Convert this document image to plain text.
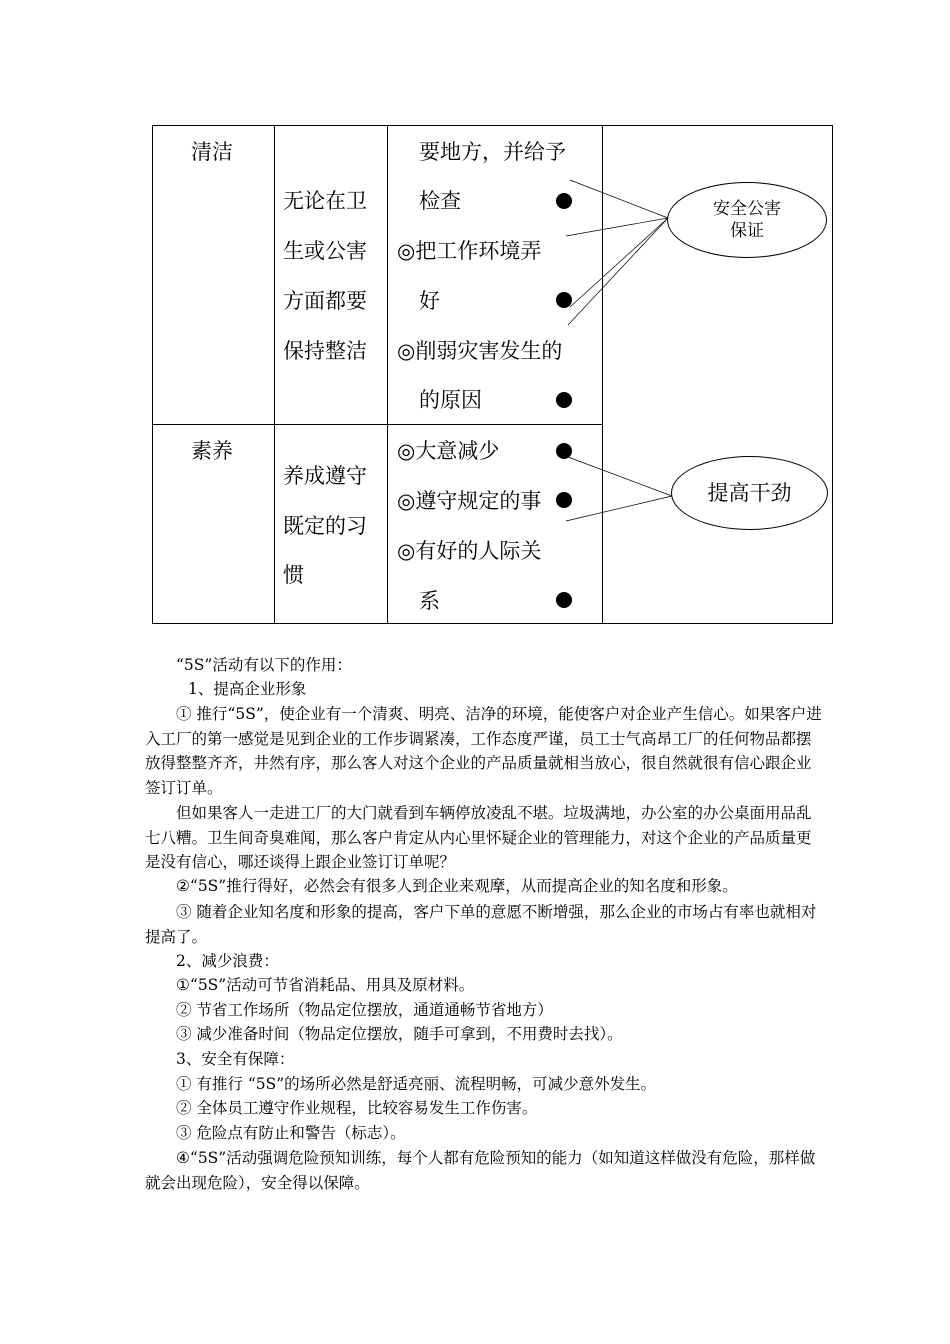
清洁
无论在卫
生或公害
方面都要
保持整洁
要地方，并给予
检查
◎把工作环境弄
好
◎削弱灾害发生的
的原因
素养
养成遵守
既定的习
惯
◎大意减少
◎遵守规定的事
◎有好的人际关
系
安全公害
保证
提高干劲

“5S”活动有以下的作用：

1、提高企业形象

① 推行“5S”，使企业有一个清爽、明亮、洁净的环境，能使客户对企业产生信心。如果客户进入工厂的第一感觉是见到企业的工作步调紧凑，工作态度严谨，员工士气高昂工厂的任何物品都摆放得整整齐齐，井然有序，那么客人对这个企业的产品质量就相当放心，很自然就很有信心跟企业签订订单。

但如果客人一走进工厂的大门就看到车辆停放凌乱不堪。垃圾满地，办公室的办公桌面用品乱七八糟。卫生间奇臭难闻，那么客户肯定从内心里怀疑企业的管理能力，对这个企业的产品质量更是没有信心，哪还谈得上跟企业签订订单呢？

②“5S”推行得好，必然会有很多人到企业来观摩，从而提高企业的知名度和形象。

③ 随着企业知名度和形象的提高，客户下单的意愿不断增强，那么企业的市场占有率也就相对提高了。

2、减少浪费：

①“5S”活动可节省消耗品、用具及原材料。

② 节省工作场所（物品定位摆放，通道通畅节省地方）

③ 减少准备时间（物品定位摆放，随手可拿到，不用费时去找）。

3、安全有保障：

① 有推行 “5S”的场所必然是舒适亮丽、流程明畅，可减少意外发生。

② 全体员工遵守作业规程，比较容易发生工作伤害。

③ 危险点有防止和警告（标志）。

④“5S”活动强调危险预知训练，每个人都有危险预知的能力（如知道这样做没有危险，那样做就会出现危险），安全得以保障。
